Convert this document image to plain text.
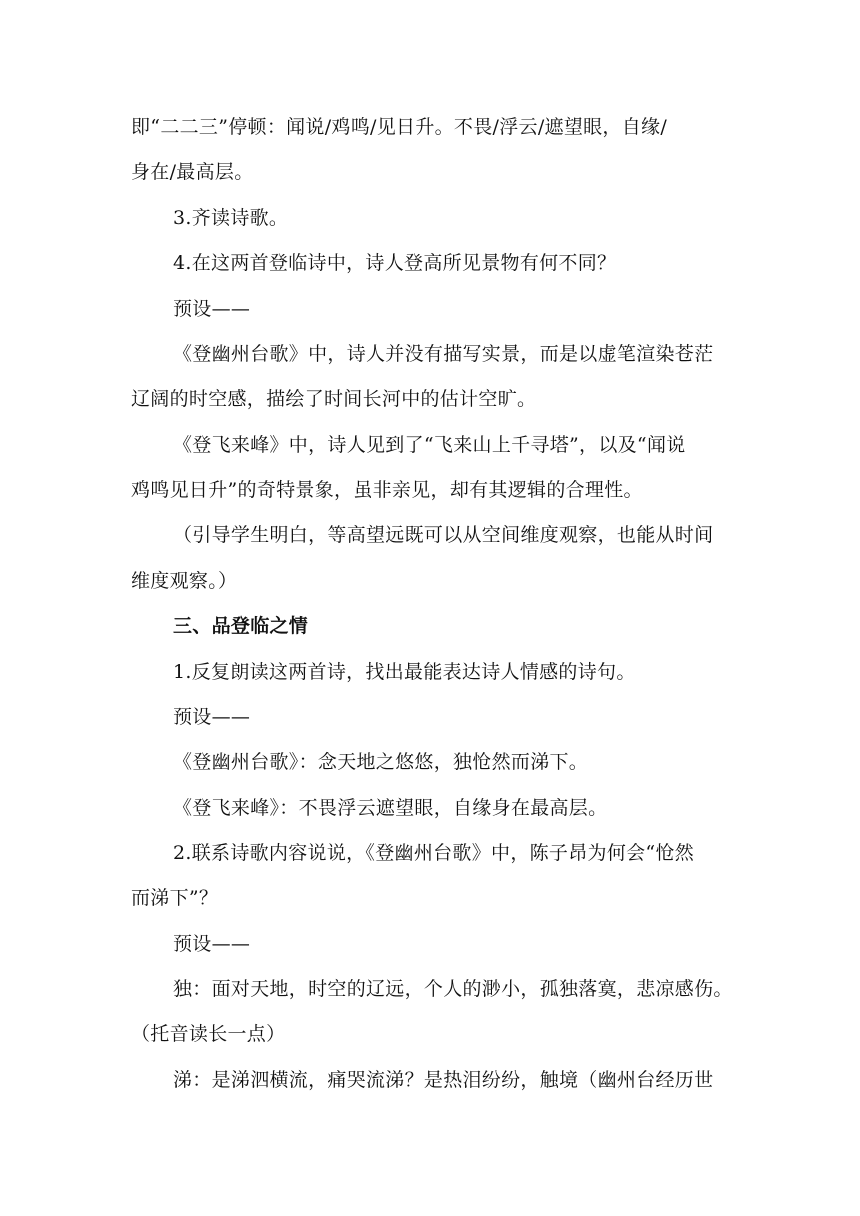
即“二二三”停顿：闻说/鸡鸣/见日升。不畏/浮云/遮望眼，自缘/
身在/最高层。
3.齐读诗歌。
4.在这两首登临诗中，诗人登高所见景物有何不同？
预设——
《登幽州台歌》中，诗人并没有描写实景，而是以虚笔渲染苍茫
辽阔的时空感，描绘了时间长河中的估计空旷。
《登飞来峰》中，诗人见到了“飞来山上千寻塔”，以及“闻说
鸡鸣见日升”的奇特景象，虽非亲见，却有其逻辑的合理性。
（引导学生明白，等高望远既可以从空间维度观察，也能从时间
维度观察。）
三、品登临之情
1.反复朗读这两首诗，找出最能表达诗人情感的诗句。
预设——
《登幽州台歌》：念天地之悠悠，独怆然而涕下。
《登飞来峰》：不畏浮云遮望眼，自缘身在最高层。
2.联系诗歌内容说说，《登幽州台歌》中，陈子昂为何会“怆然
而涕下”？
预设——
独：面对天地，时空的辽远，个人的渺小，孤独落寞，悲凉感伤。
（托音读长一点）
涕：是涕泗横流，痛哭流涕？是热泪纷纷，触境（幽州台经历世
